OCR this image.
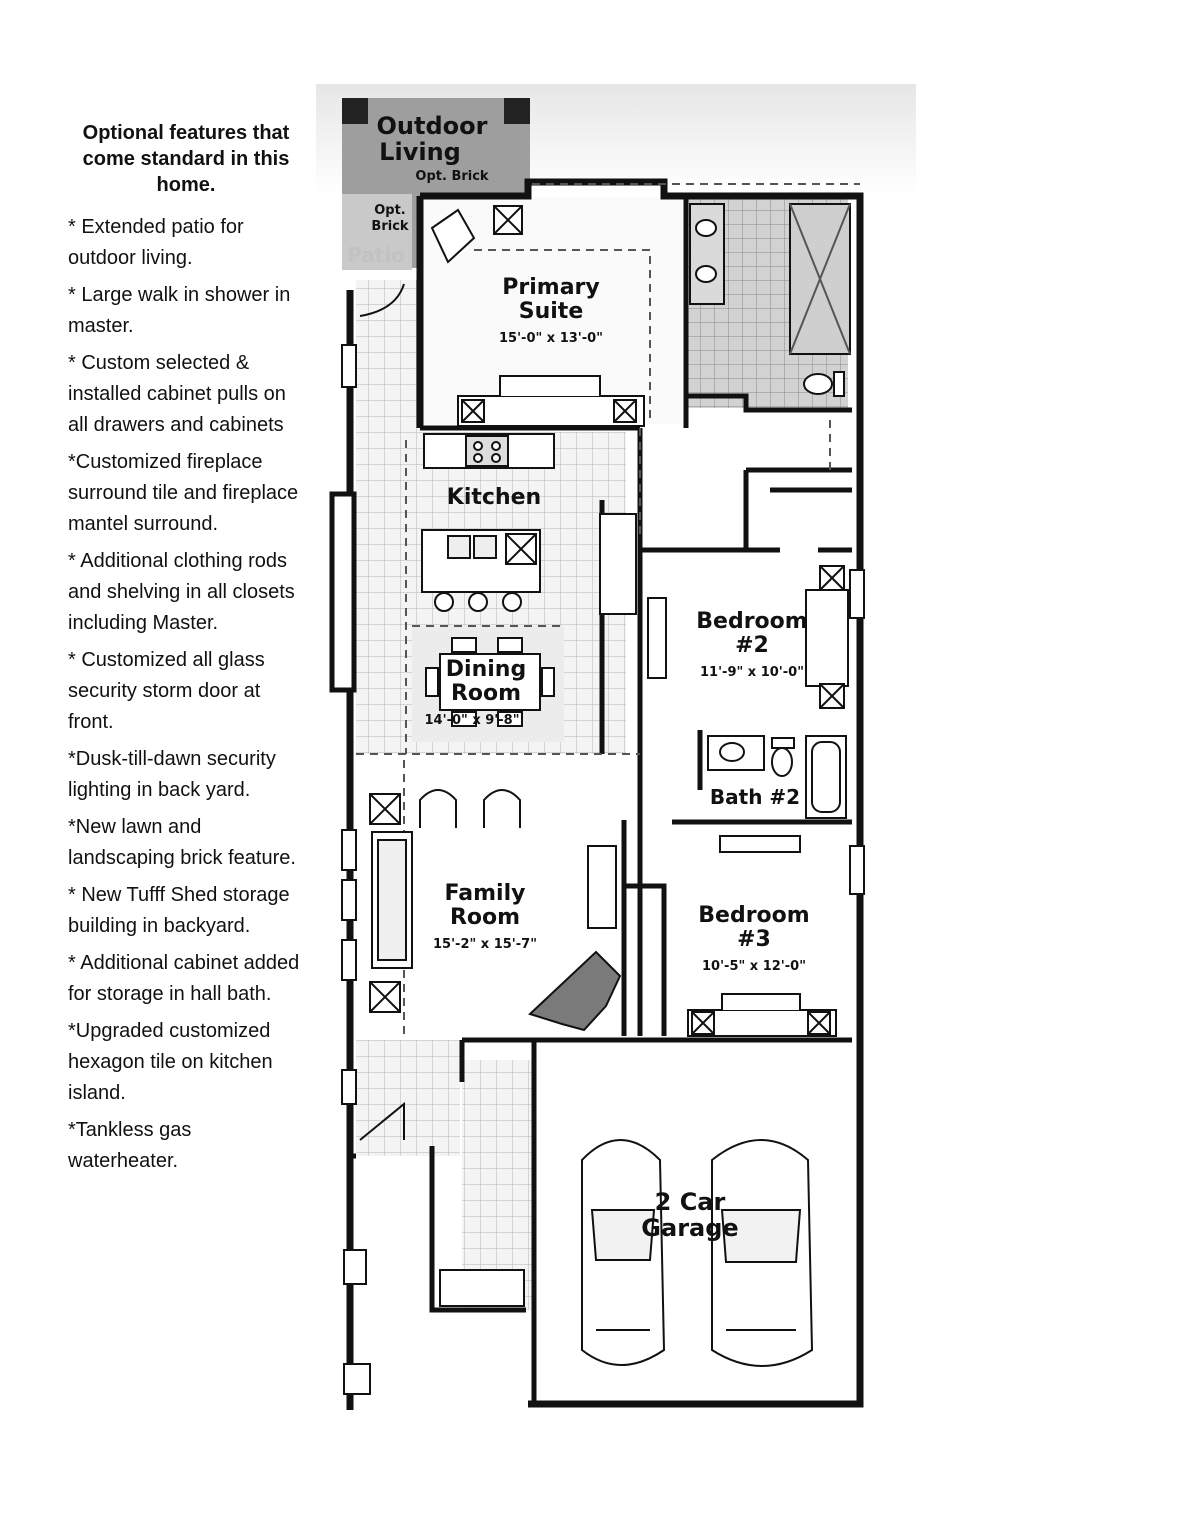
Optional features that come standard in this home.
* Extended patio for outdoor living.
* Large walk in shower in master.
* Custom selected & installed cabinet pulls on all drawers and cabinets
*Customized fireplace surround tile and fireplace mantel surround.
* Additional clothing rods and shelving in all closets including Master.
* Customized all glass security storm door at front.
*Dusk-till-dawn security lighting in back yard.
*New lawn and landscaping brick feature.
* New Tufff Shed storage building in backyard.
* Additional cabinet added for storage in hall bath.
*Upgraded customized hexagon tile on kitchen island.
*Tankless gas waterheater.
Outdoor
Living
Opt. Brick
Opt.
Brick
Patio
Primary
Suite
15'-0" x 13'-0"
Kitchen
Dining
Room
14'-0" x 9'-8"
Bedroom
#2
11'-9" x 10'-0"
Bath #2
Family
Room
15'-2" x 15'-7"
Bedroom
#3
10'-5" x 12'-0"
2 Car
Garage
